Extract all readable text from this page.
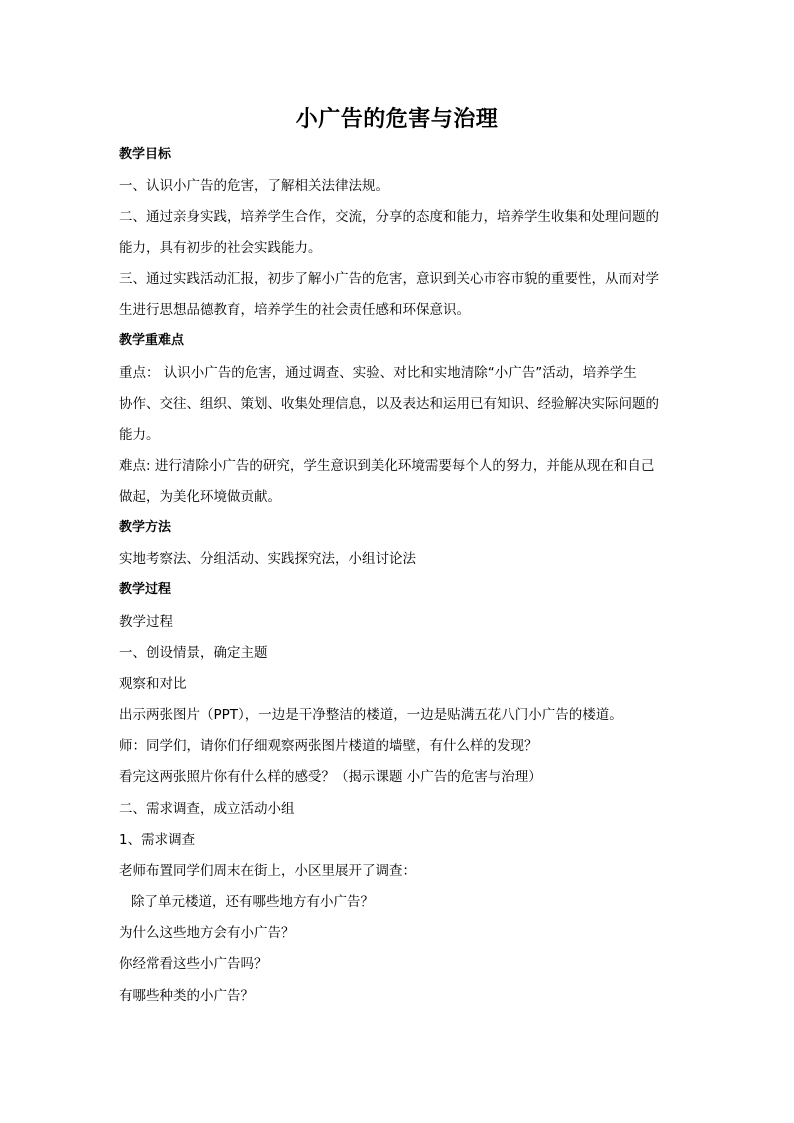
小广告的危害与治理
教学目标
一、认识小广告的危害，了解相关法律法规。
二、通过亲身实践，培养学生合作，交流，分享的态度和能力，培养学生收集和处理问题的
能力，具有初步的社会实践能力。
三、通过实践活动汇报，初步了解小广告的危害，意识到关心市容市貌的重要性，从而对学
生进行思想品德教育，培养学生的社会责任感和环保意识。
教学重难点
重点： 认识小广告的危害，通过调查、实验、对比和实地清除“小广告”活动，培养学生
协作、交往、组织、策划、收集处理信息，以及表达和运用已有知识、经验解决实际问题的
能力。
难点: 进行清除小广告的研究，学生意识到美化环境需要每个人的努力，并能从现在和自己
做起，为美化环境做贡献。
教学方法
实地考察法、分组活动、实践探究法，小组讨论法
教学过程
教学过程
一、创设情景，确定主题
观察和对比
出示两张图片（PPT），一边是干净整洁的楼道，一边是贴满五花八门小广告的楼道。
师：同学们，请你们仔细观察两张图片楼道的墙壁，有什么样的发现？
看完这两张照片你有什么样的感受？（揭示课题 小广告的危害与治理）
二、需求调查，成立活动小组
1、需求调查
老师布置同学们周末在街上，小区里展开了调查：
除了单元楼道，还有哪些地方有小广告？
为什么这些地方会有小广告？
你经常看这些小广告吗？
有哪些种类的小广告？
